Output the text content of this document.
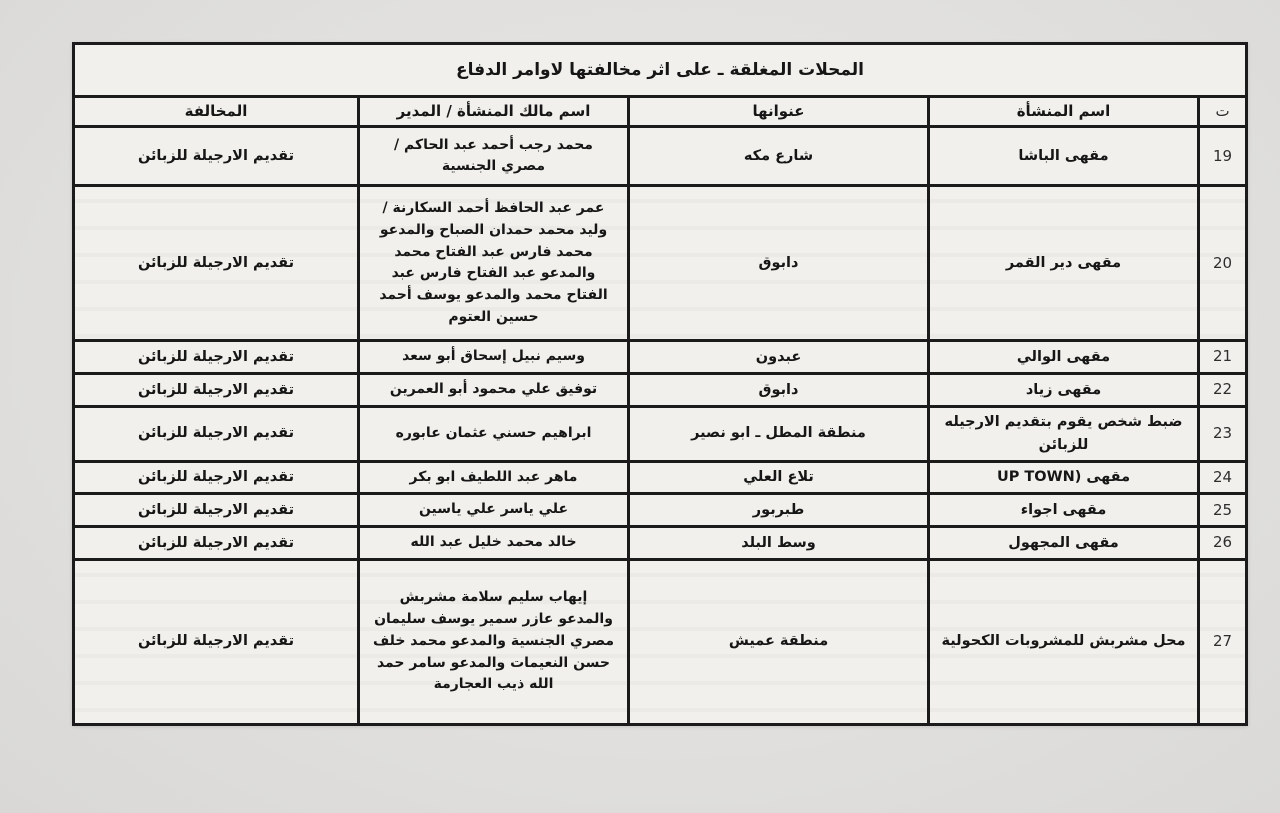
المحلات المغلقة ـ على اثر مخالفتها لاوامر الدفاع
ت
اسم المنشأة
عنوانها
اسم مالك المنشأة / المدير
المخالفة
19
مقهى الباشا
شارع مكه
محمد رجب أحمد عبد الحاكم / مصري الجنسية
تقديم الارجيلة للزبائن
20
مقهى دير القمر
دابوق
عمر عبد الحافظ أحمد السكارنة / وليد محمد حمدان الصباح والمدعو محمد فارس عبد الفتاح محمد والمدعو عبد الفتاح فارس عبد الفتاح محمد والمدعو يوسف أحمد حسين العتوم
تقديم الارجيلة للزبائن
21
مقهى الوالي
عبدون
وسيم نبيل إسحاق أبو سعد
تقديم الارجيلة للزبائن
22
مقهى زياد
دابوق
توفيق علي محمود أبو العمرين
تقديم الارجيلة للزبائن
23
ضبط شخص يقوم بتقديم الارجيله للزبائن
منطقة المطل ـ ابو نصير
ابراهيم حسني عثمان عابوره
تقديم الارجيلة للزبائن
24
مقهى (UP TOWN
تلاع العلي
ماهر عبد اللطيف ابو بكر
تقديم الارجيلة للزبائن
25
مقهى اجواء
طبربور
علي ياسر علي ياسين
تقديم الارجيلة للزبائن
26
مقهى المجهول
وسط البلد
خالد محمد خليل عبد الله
تقديم الارجيلة للزبائن
27
محل مشربش للمشروبات الكحولية
منطقة عميش
إيهاب سليم سلامة مشربش والمدعو عازر سمير يوسف سليمان مصري الجنسية والمدعو محمد خلف حسن النعيمات والمدعو سامر حمد الله ذيب العجارمة
تقديم الارجيلة للزبائن
